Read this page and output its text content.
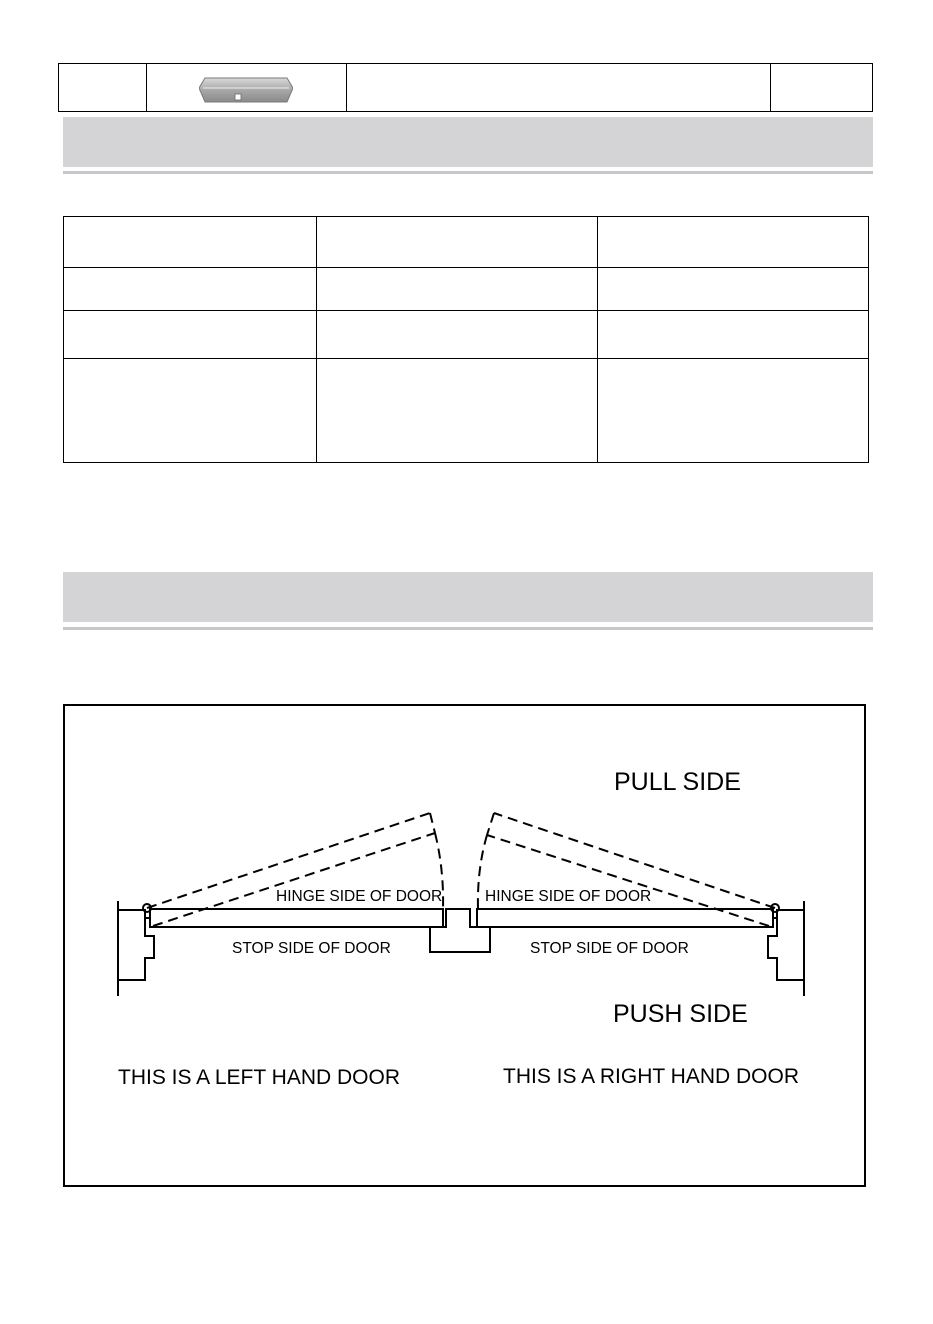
PULL SIDE
HINGE SIDE OF DOOR	HINGE SIDE OF DOOR
STOP SIDE OF DOOR	STOP SIDE OF DOOR
PUSH SIDE
THIS IS A LEFT HAND DOOR	THIS IS A RIGHT HAND DOOR
